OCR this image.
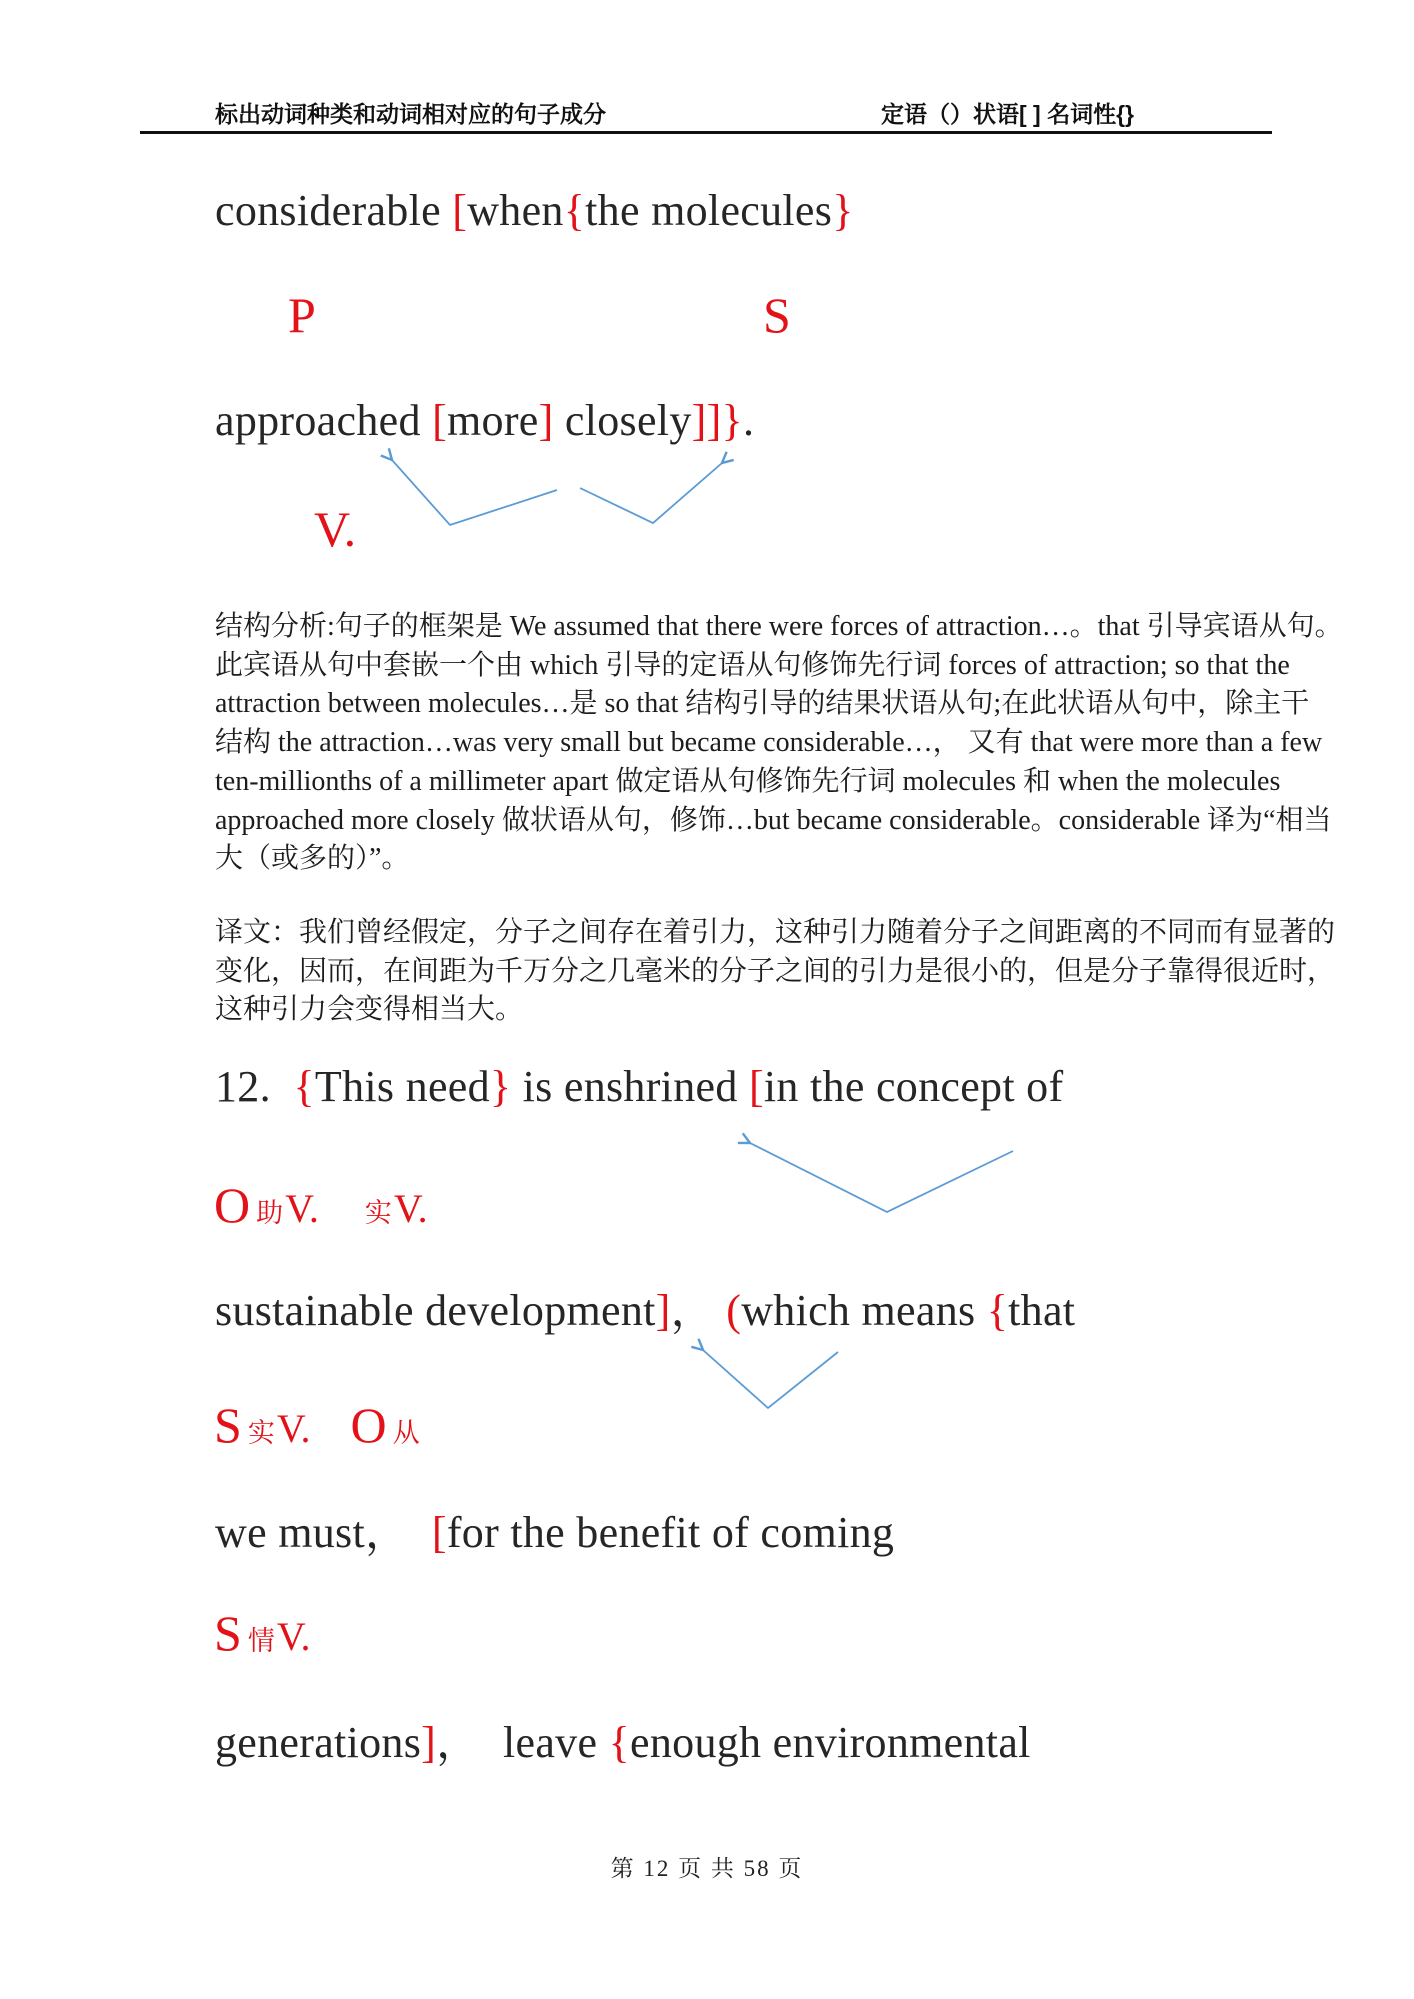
标出动词种类和动词相对应的句子成分	定语（）状语[ ] 名词性{}
considerable [when{the molecules}
P	S
approached [more] closely]]}.
V.
结构分析:句子的框架是 We assumed that there were forces of attraction…。that 引导宾语从句。
此宾语从句中套嵌一个由 which 引导的定语从句修饰先行词 forces of attraction; so that the
attraction between molecules…是 so that 结构引导的结果状语从句;在此状语从句中，除主干
结构 the attraction…was very small but became considerable…， 又有 that were more than a few
ten-millionths of a millimeter apart 做定语从句修饰先行词 molecules 和 when the molecules
approached more closely 做状语从句，修饰…but became considerable。considerable 译为“相当
大（或多的）”。
译文：我们曾经假定，分子之间存在着引力，这种引力随着分子之间距离的不同而有显著的
变化，因而，在间距为千万分之几毫米的分子之间的引力是很小的，但是分子靠得很近时，
这种引力会变得相当大。
12.  {This need} is enshrined [in the concept of
O助V. 实V.
sustainable development]， (which means {that
S实V. O 从
we must，  [for the benefit of coming
S情V.
generations]，  leave {enough environmental
第 12 页 共 58 页
